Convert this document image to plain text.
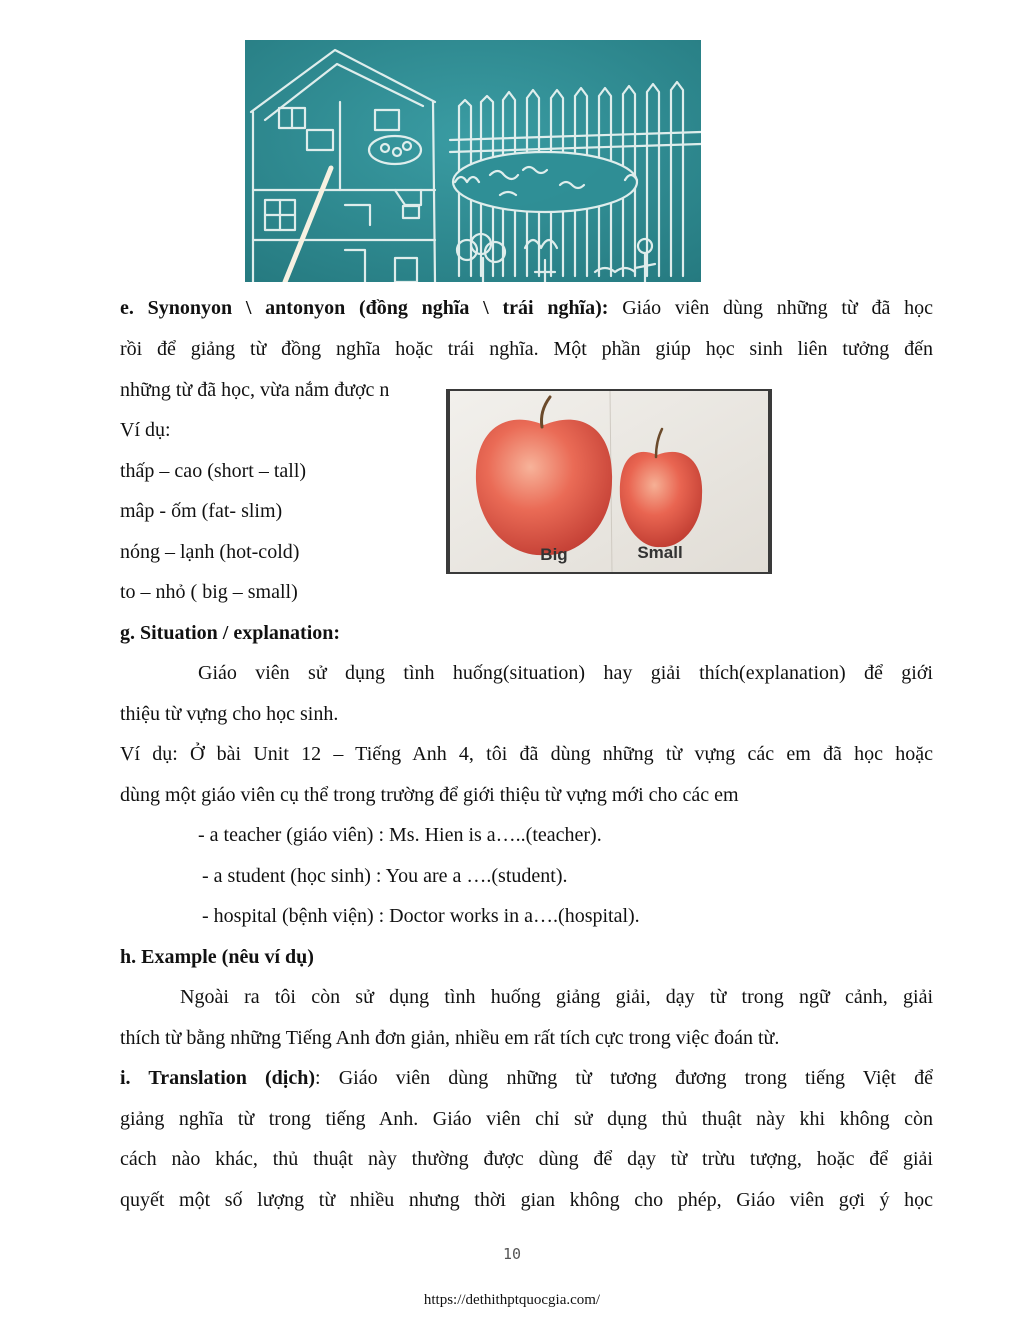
e. Synonyon \ antonyon (đồng nghĩa \ trái nghĩa): Giáo viên dùng những từ đã học
rồi để giảng từ đồng nghĩa hoặc trái nghĩa. Một phần giúp học sinh liên tưởng đến
những từ đã học, vừa nắm được n
Ví dụ:
thấp – cao (short – tall)
mâp - ốm (fat- slim)
nóng – lạnh (hot-cold)
to – nhỏ ( big – small)
Big	Small
g. Situation / explanation:
Giáo viên sử dụng tình huống(situation) hay giải thích(explanation) để giới
thiệu từ vựng cho học sinh.
Ví dụ: Ở bài Unit 12 – Tiếng Anh 4, tôi đã dùng những từ vựng các em đã học hoặc
dùng một giáo viên cụ thể trong trường để giới thiệu từ vựng mới cho các em
- a teacher (giáo viên) : Ms. Hien is a…..(teacher).
- a student (học sinh) : You are a ….(student).
- hospital (bệnh viện) : Doctor works in a….(hospital).
h. Example (nêu ví dụ)
Ngoài ra tôi còn sử dụng tình huống giảng giải, dạy từ trong ngữ cảnh, giải
thích từ bằng những Tiếng Anh đơn giản, nhiều em rất tích cực trong việc đoán từ.
i. Translation (dịch): Giáo viên dùng những từ tương đương trong tiếng Việt để
giảng nghĩa từ trong tiếng Anh. Giáo viên chỉ sử dụng thủ thuật này khi không còn
cách nào khác, thủ thuật này thường được dùng để dạy từ trừu tượng, hoặc để giải
quyết một số lượng từ nhiều nhưng thời gian không cho phép, Giáo viên gợi ý học
10
https://dethithptquocgia.com/
